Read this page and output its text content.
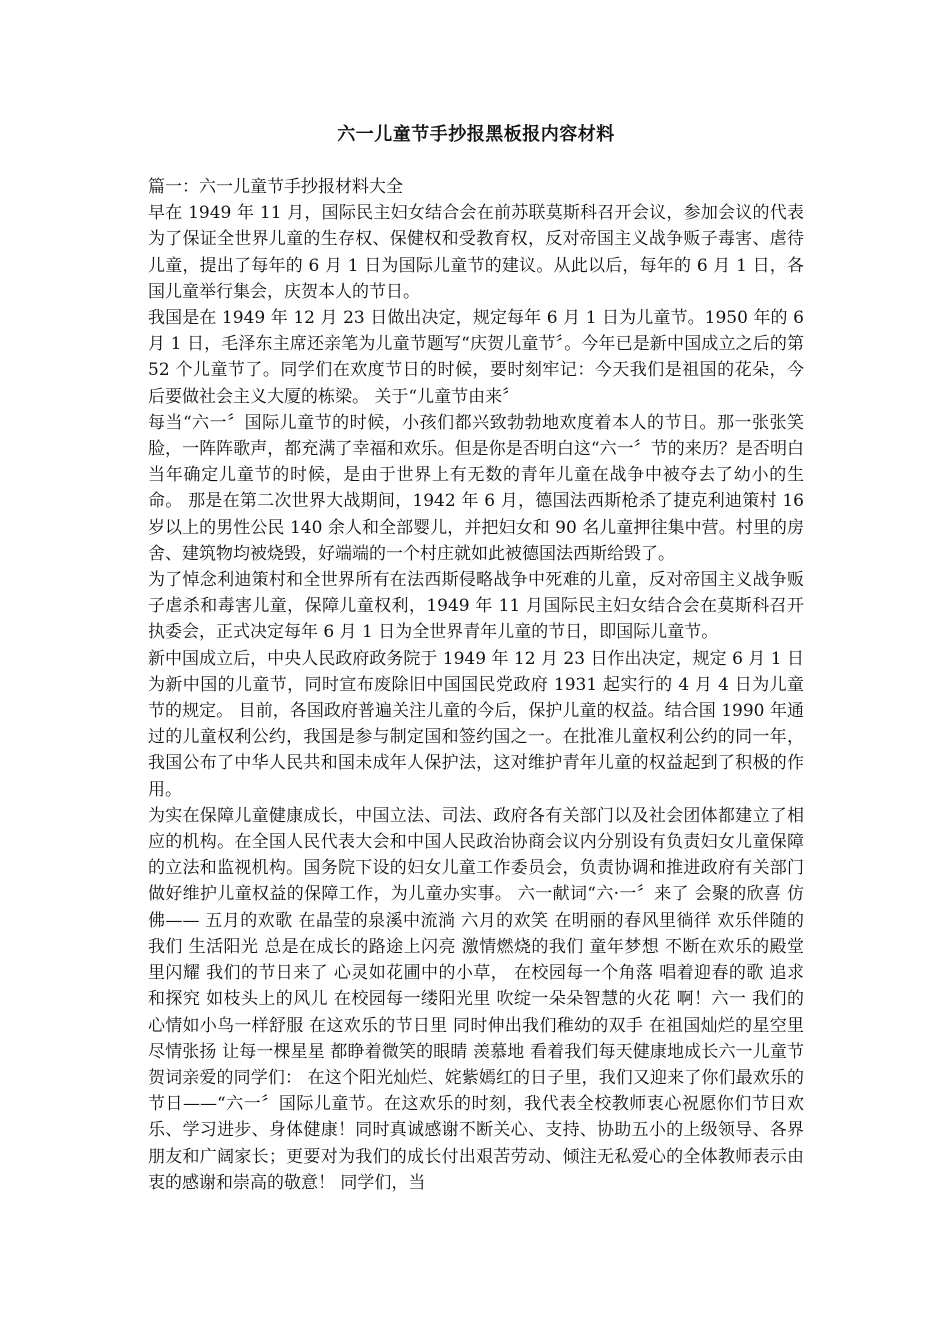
六一儿童节手抄报黑板报内容材料

篇一：六一儿童节手抄报材料大全

早在 1949 年 11 月，国际民主妇女结合会在前苏联莫斯科召开会议，参加会议的代表为了保证全世界儿童的生存权、保健权和受教育权，反对帝国主义战争贩子毒害、虐待儿童，提出了每年的 6 月 1 日为国际儿童节的建议。从此以后，每年的 6 月 1 日，各国儿童举行集会，庆贺本人的节日。

我国是在 1949 年 12 月 23 日做出决定，规定每年 6 月 1 日为儿童节。1950 年的 6 月 1 日，毛泽东主席还亲笔为儿童节题写“庆贺儿童节〞。今年已是新中国成立之后的第 52 个儿童节了。同学们在欢度节日的时候，要时刻牢记：今天我们是祖国的花朵，今后要做社会主义大厦的栋梁。 关于“儿童节由来〞

每当“六一〞国际儿童节的时候，小孩们都兴致勃勃地欢度着本人的节日。那一张张笑脸，一阵阵歌声，都充满了幸福和欢乐。但是你是否明白这“六一〞节的来历？是否明白当年确定儿童节的时候，是由于世界上有无数的青年儿童在战争中被夺去了幼小的生命。 那是在第二次世界大战期间，1942 年 6 月，德国法西斯枪杀了捷克利迪策村 16 岁以上的男性公民 140 余人和全部婴儿，并把妇女和 90 名儿童押往集中营。村里的房舍、建筑物均被烧毁，好端端的一个村庄就如此被德国法西斯给毁了。

为了悼念利迪策村和全世界所有在法西斯侵略战争中死难的儿童，反对帝国主义战争贩子虐杀和毒害儿童，保障儿童权利，1949 年 11 月国际民主妇女结合会在莫斯科召开执委会，正式决定每年 6 月 1 日为全世界青年儿童的节日，即国际儿童节。

新中国成立后，中央人民政府政务院于 1949 年 12 月 23 日作出决定，规定 6 月 1 日为新中国的儿童节，同时宣布废除旧中国国民党政府 1931 起实行的 4 月 4 日为儿童节的规定。 目前，各国政府普遍关注儿童的今后，保护儿童的权益。结合国 1990 年通过的儿童权利公约，我国是参与制定国和签约国之一。在批准儿童权利公约的同一年，我国公布了中华人民共和国未成年人保护法，这对维护青年儿童的权益起到了积极的作用。

为实在保障儿童健康成长，中国立法、司法、政府各有关部门以及社会团体都建立了相应的机构。在全国人民代表大会和中国人民政治协商会议内分别设有负责妇女儿童保障的立法和监视机构。国务院下设的妇女儿童工作委员会，负责协调和推进政府有关部门做好维护儿童权益的保障工作，为儿童办实事。 六一献词“六·一〞来了 会聚的欣喜 仿佛—— 五月的欢歌 在晶莹的泉溪中流淌 六月的欢笑 在明丽的春风里徜徉 欢乐伴随的我们 生活阳光 总是在成长的路途上闪亮 激情燃烧的我们 童年梦想 不断在欢乐的殿堂里闪耀 我们的节日来了 心灵如花圃中的小草， 在校园每一个角落 唱着迎春的歌 追求和探究 如枝头上的风儿 在校园每一缕阳光里 吹绽一朵朵智慧的火花 啊！六一 我们的心情如小鸟一样舒服 在这欢乐的节日里 同时伸出我们稚幼的双手 在祖国灿烂的星空里尽情张扬 让每一棵星星 都睁着微笑的眼睛 羡慕地 看着我们每天健康地成长六一儿童节贺词亲爱的同学们： 在这个阳光灿烂、姹紫嫣红的日子里，我们又迎来了你们最欢乐的节日——“六一〞国际儿童节。在这欢乐的时刻，我代表全校教师衷心祝愿你们节日欢乐、学习进步、身体健康！同时真诚感谢不断关心、支持、协助五小的上级领导、各界朋友和广阔家长；更要对为我们的成长付出艰苦劳动、倾注无私爱心的全体教师表示由衷的感谢和崇高的敬意！ 同学们，当
